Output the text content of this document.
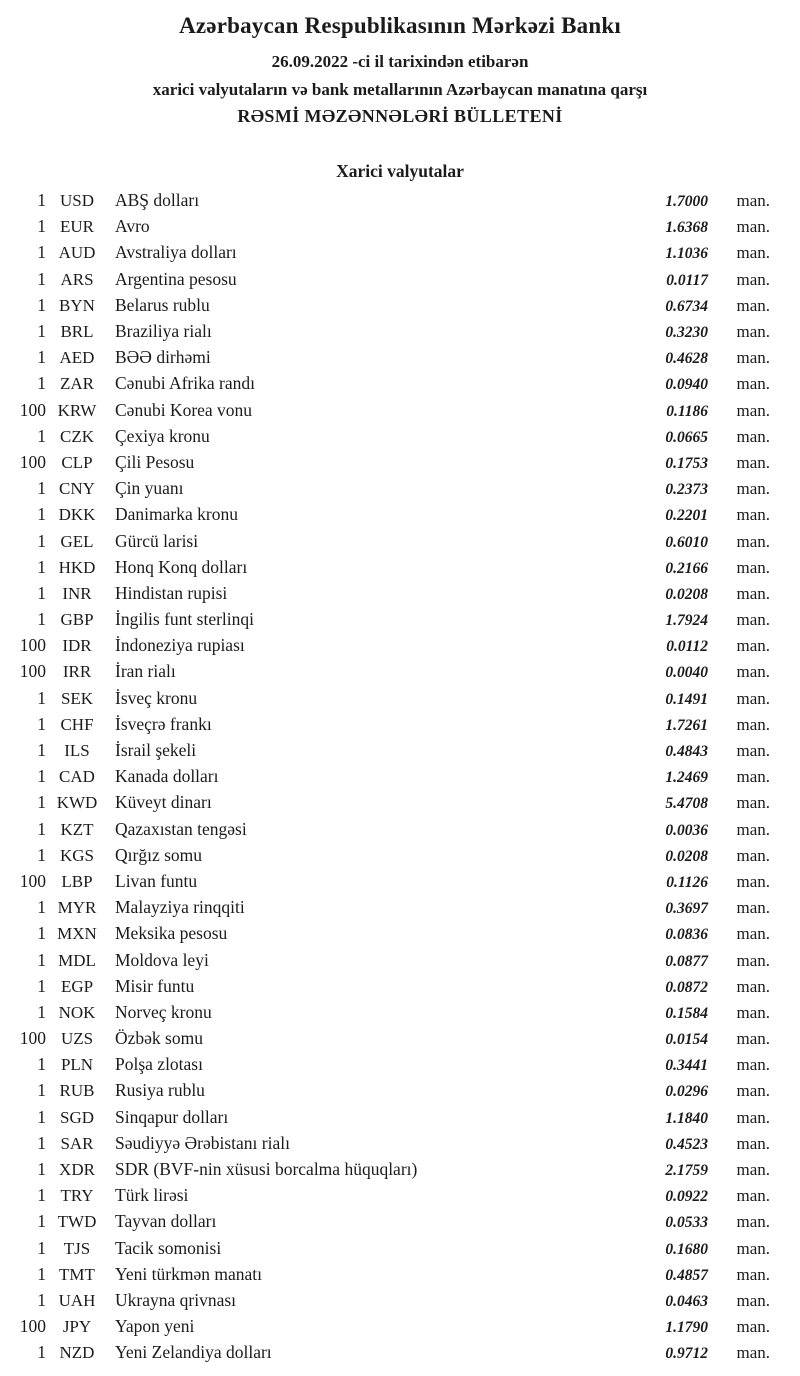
Azərbaycan Respublikasının Mərkəzi Bankı
26.09.2022 -ci il tarixindən etibarən
xarici valyutaların və bank metallarının Azərbaycan manatına qarşı
RƏSMİ MƏZƏNNƏLƏRİ BÜLLETENİ
Xarici valyutalar
1 USD	ABŞ dolları	1.7000	man.
1 EUR	Avro	1.6368	man.
1 AUD	Avstraliya dolları	1.1036	man.
1 ARS	Argentina pesosu	0.0117	man.
1 BYN	Belarus rublu	0.6734	man.
1 BRL	Braziliya rialı	0.3230	man.
1 AED	BƏƏ dirhəmi	0.4628	man.
1 ZAR	Cənubi Afrika randı	0.0940	man.
100 KRW	Cənubi Korea vonu	0.1186	man.
1 CZK	Çexiya kronu	0.0665	man.
100 CLP	Çili Pesosu	0.1753	man.
1 CNY	Çin yuanı	0.2373	man.
1 DKK	Danimarka kronu	0.2201	man.
1 GEL	Gürcü larisi	0.6010	man.
1 HKD	Honq Konq dolları	0.2166	man.
1 INR	Hindistan rupisi	0.0208	man.
1 GBP	İngilis funt sterlinqi	1.7924	man.
100 IDR	İndoneziya rupiası	0.0112	man.
100 IRR	İran rialı	0.0040	man.
1 SEK	İsveç kronu	0.1491	man.
1 CHF	İsveçrə frankı	1.7261	man.
1	ILS	İsrail şekeli	0.4843	man.
1 CAD	Kanada dolları	1.2469	man.
1 KWD	Küveyt dinarı	5.4708	man.
1 KZT	Qazaxıstan tengəsi	0.0036	man.
1 KGS	Qırğız somu	0.0208	man.
100 LBP	Livan funtu	0.1126	man.
1 MYR	Malayziya rinqqiti	0.3697	man.
1 MXN	Meksika pesosu	0.0836	man.
1 MDL	Moldova leyi	0.0877	man.
1 EGP	Misir funtu	0.0872	man.
1 NOK	Norveç kronu	0.1584	man.
100 UZS	Özbək somu	0.0154	man.
1 PLN	Polşa zlotası	0.3441	man.
1 RUB	Rusiya rublu	0.0296	man.
1 SGD	Sinqapur dolları	1.1840	man.
1 SAR	Səudiyyə Ərəbistanı rialı	0.4523	man.
1 XDR	SDR (BVF-nin xüsusi borcalma hüquqları)	2.1759	man.
1 TRY	Türk lirəsi	0.0922	man.
1 TWD	Tayvan dolları	0.0533	man.
1	TJS	Tacik somonisi	0.1680	man.
1 TMT	Yeni türkmən manatı	0.4857	man.
1 UAH	Ukrayna qrivnası	0.0463	man.
100 JPY	Yapon yeni	1.1790	man.
1 NZD	Yeni Zelandiya dolları	0.9712	man.
